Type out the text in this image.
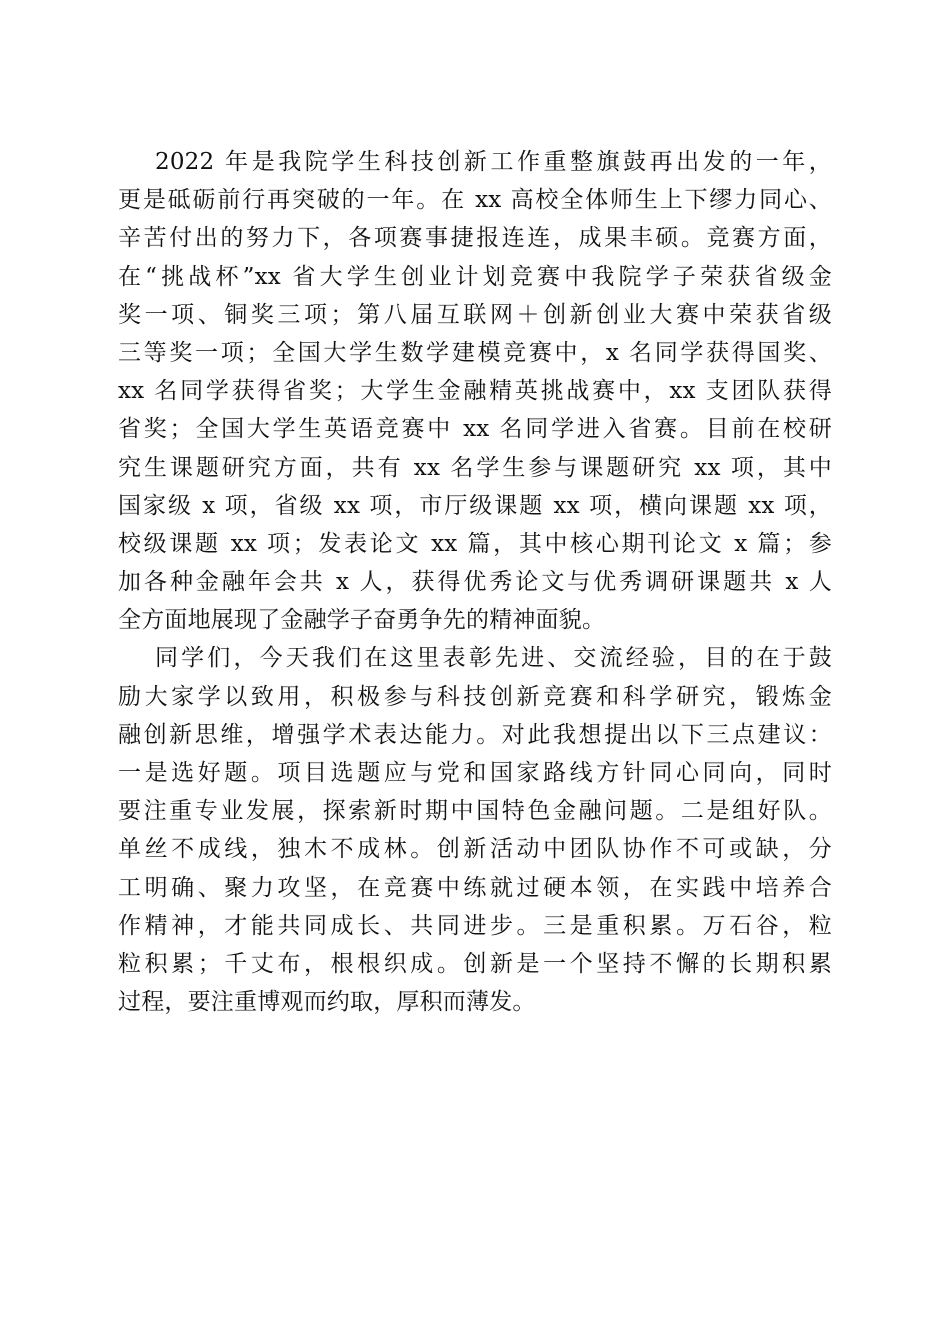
2022 年是我院学生科技创新工作重整旗鼓再出发的一年，
更是砥砺前行再突破的一年。在 xx 高校全体师生上下缪力同心、
辛苦付出的努力下，各项赛事捷报连连，成果丰硕。竞赛方面，
在“挑战杯”xx 省大学生创业计划竞赛中我院学子荣获省级金
奖一项、铜奖三项；第八届互联网＋创新创业大赛中荣获省级
三等奖一项；全国大学生数学建模竞赛中，x 名同学获得国奖、
xx 名同学获得省奖；大学生金融精英挑战赛中，xx 支团队获得
省奖；全国大学生英语竞赛中 xx 名同学进入省赛。目前在校研
究生课题研究方面，共有 xx 名学生参与课题研究 xx 项，其中
国家级 x 项，省级 xx 项，市厅级课题 xx 项，横向课题 xx 项，
校级课题 xx 项；发表论文 xx 篇，其中核心期刊论文 x 篇；参
加各种金融年会共 x 人，获得优秀论文与优秀调研课题共 x 人
全方面地展现了金融学子奋勇争先的精神面貌。
同学们，今天我们在这里表彰先进、交流经验，目的在于鼓
励大家学以致用，积极参与科技创新竞赛和科学研究，锻炼金
融创新思维，增强学术表达能力。对此我想提出以下三点建议：
一是选好题。项目选题应与党和国家路线方针同心同向，同时
要注重专业发展，探索新时期中国特色金融问题。二是组好队。
单丝不成线，独木不成林。创新活动中团队协作不可或缺，分
工明确、聚力攻坚，在竞赛中练就过硬本领，在实践中培养合
作精神，才能共同成长、共同进步。三是重积累。万石谷，粒
粒积累；千丈布，根根织成。创新是一个坚持不懈的长期积累
过程，要注重博观而约取，厚积而薄发。
